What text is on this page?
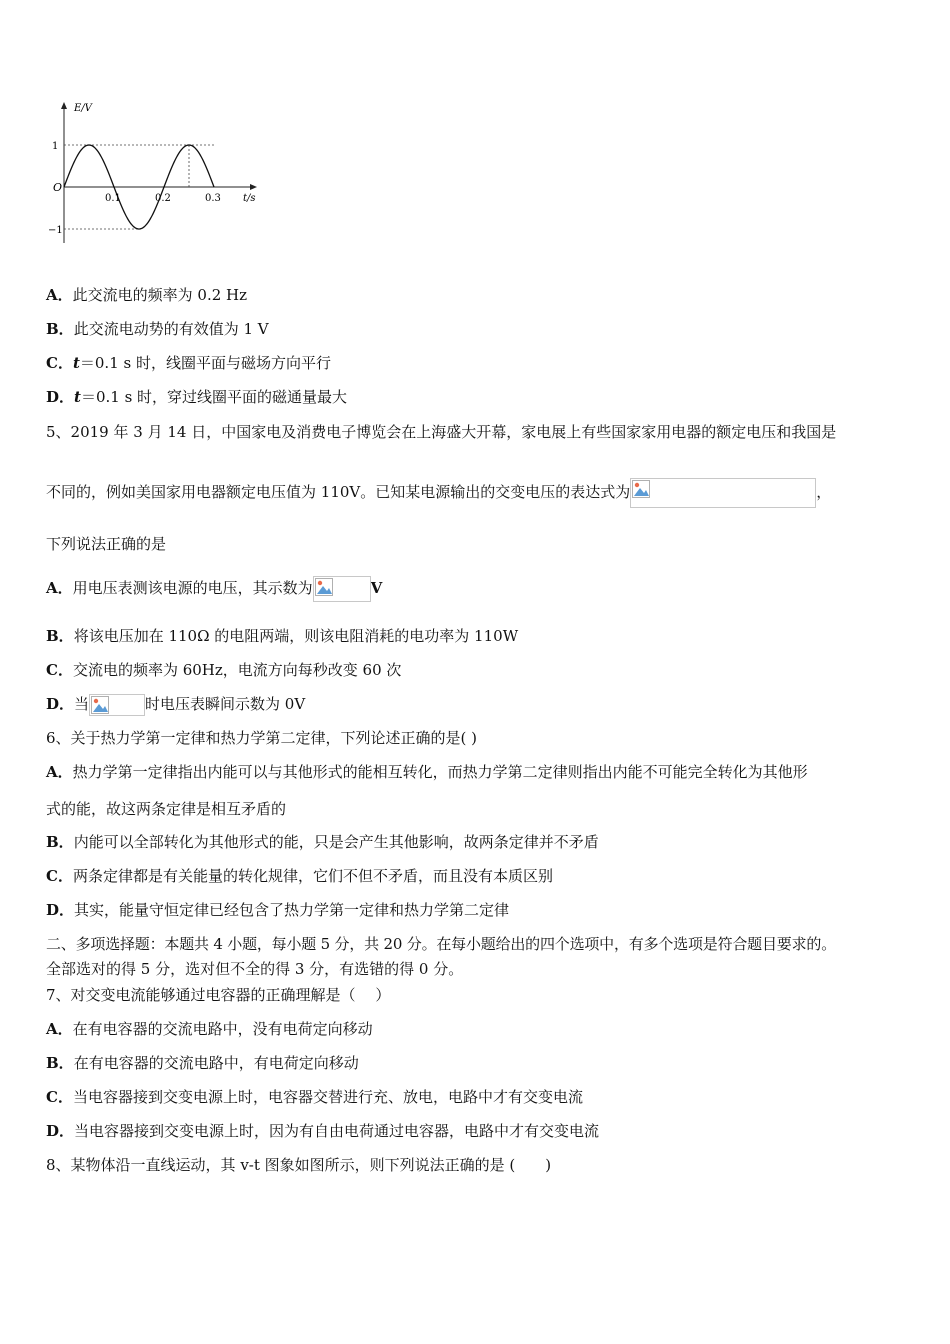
E/V
t/s
O
0.1	0.2	0.3
1
−1
A．此交流电的频率为 0.2 Hz
B．此交流电动势的有效值为 1 V
C．t＝0.1 s 时，线圈平面与磁场方向平行
D．t＝0.1 s 时，穿过线圈平面的磁通量最大
5、2019 年 3 月 14 日，中国家电及消费电子博览会在上海盛大开幕，家电展上有些国家家用电器的额定电压和我国是
不同的，例如美国家用电器额定电压值为 110V。已知某电源输出的交变电压的表达式为	，
下列说法正确的是
A．用电压表测该电源的电压，其示数为	V
B．将该电压加在 110Ω 的电阻两端，则该电阻消耗的电功率为 110W
C．交流电的频率为 60Hz，电流方向每秒改变 60 次
D．当	时电压表瞬间示数为 0V
6、关于热力学第一定律和热力学第二定律，下列论述正确的是( )
A．热力学第一定律指出内能可以与其他形式的能相互转化，而热力学第二定律则指出内能不可能完全转化为其他形
式的能，故这两条定律是相互矛盾的
B．内能可以全部转化为其他形式的能，只是会产生其他影响，故两条定律并不矛盾
C．两条定律都是有关能量的转化规律，它们不但不矛盾，而且没有本质区别
D．其实，能量守恒定律已经包含了热力学第一定律和热力学第二定律
二、多项选择题：本题共 4 小题，每小题 5 分，共 20 分。在每小题给出的四个选项中，有多个选项是符合题目要求的。
全部选对的得 5 分，选对但不全的得 3 分，有选错的得 0 分。
7、对交变电流能够通过电容器的正确理解是（　 ）
A．在有电容器的交流电路中，没有电荷定向移动
B．在有电容器的交流电路中，有电荷定向移动
C．当电容器接到交变电源上时，电容器交替进行充、放电，电路中才有交变电流
D．当电容器接到交变电源上时，因为有自由电荷通过电容器，电路中才有交变电流
8、某物体沿一直线运动，其 v-t 图象如图所示，则下列说法正确的是 (　　)
